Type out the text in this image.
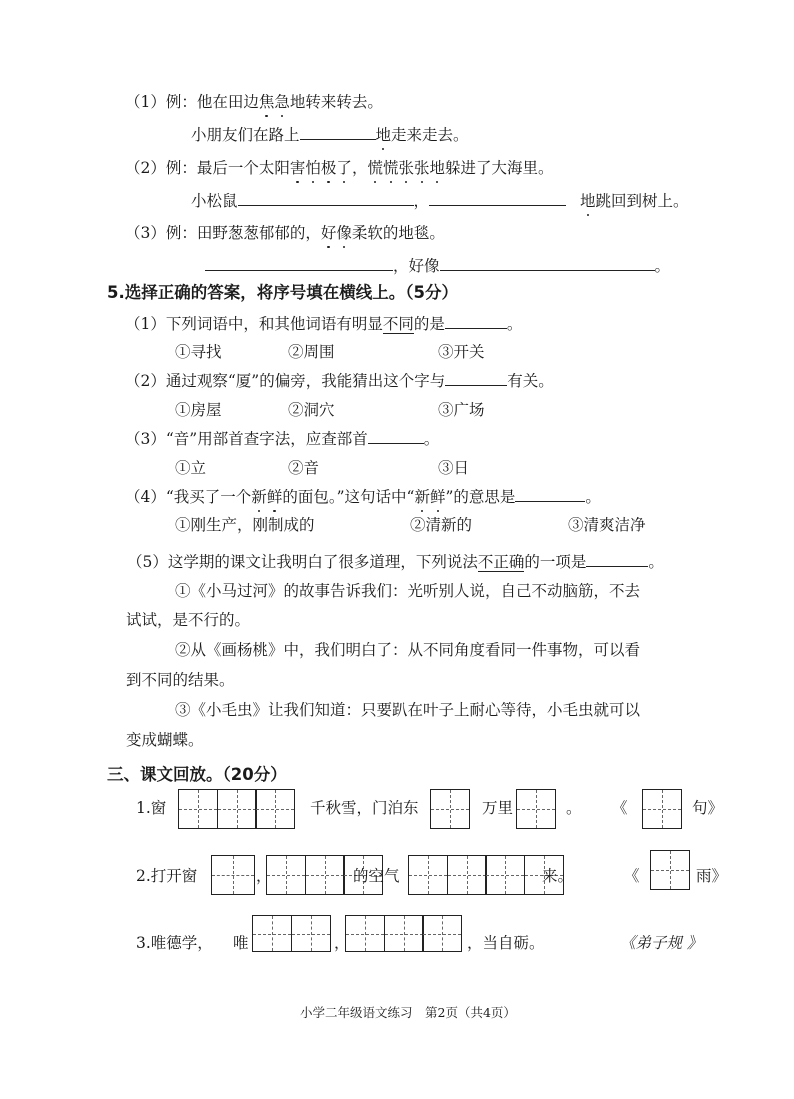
（1）例：他在田边焦急地转来转去。
小朋友们在路上	地走来走去。
（2）例：最后一个太阳害怕极了，慌慌张张地躲进了大海里。
小松鼠	，	地跳回到树上。
（3）例：田野葱葱郁郁的，好像柔软的地毯。
，好像	。
5.选择正确的答案，将序号填在横线上。（5分）
（1）下列词语中，和其他词语有明显不同的是	。
①寻找	②周围	③开关
（2）通过观察“厦”的偏旁，我能猜出这个字与	有关。
①房屋	②洞穴	③广场
（3）“音”用部首查字法，应查部首	。
①立	②音	③日
（4）“我买了一个新鲜的面包。”这句话中“新鲜”的意思是	。
①刚生产，刚制成的	②清新的	③清爽洁净
（5）这学期的课文让我明白了很多道理，下列说法不正确的一项是	。
①《小马过河》的故事告诉我们：光听别人说，自己不动脑筋，不去
试试，是不行的。
②从《画杨桃》中，我们明白了：从不同角度看同一件事物，可以看
到不同的结果。
③《小毛虫》让我们知道：只要趴在叶子上耐心等待，小毛虫就可以
变成蝴蝶。
三、课文回放。（20分）
1.窗	千秋雪，门泊东	万里	。 《	句》
2.打开窗	，	的空气	来。	《	雨》
3.唯德学， 唯	，	，当自砺。	《弟子规 》
小学二年级语文练习　第2页（共4页）
